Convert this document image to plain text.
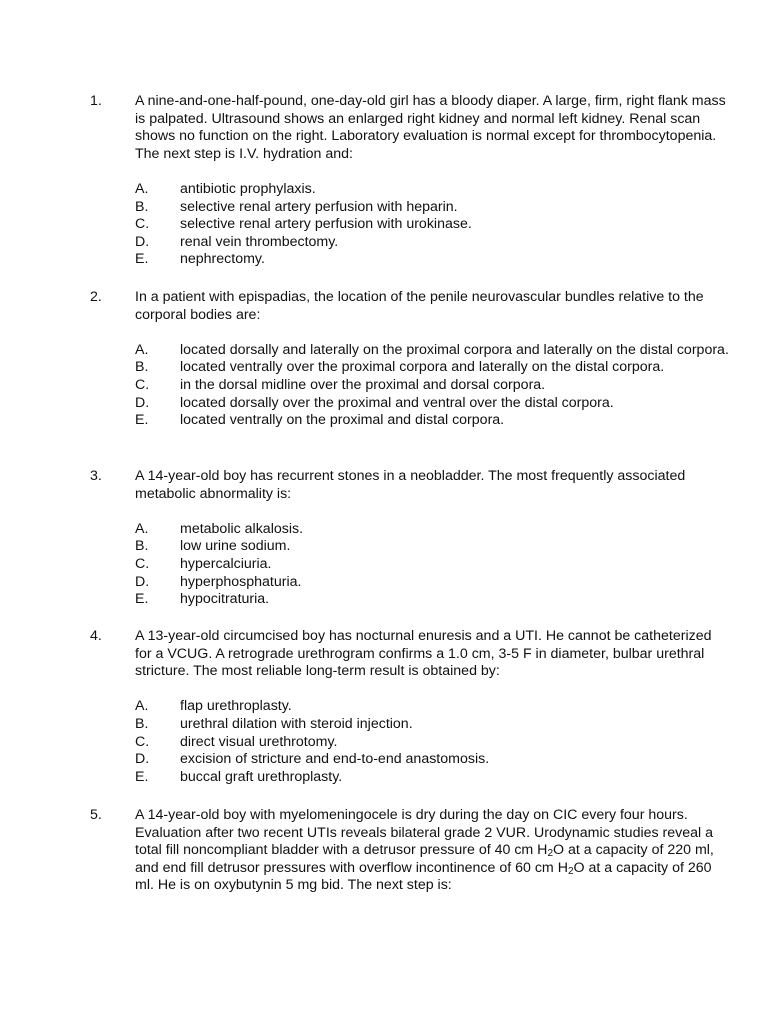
1. A nine-and-one-half-pound, one-day-old girl has a bloody diaper. A large, firm, right flank mass is palpated. Ultrasound shows an enlarged right kidney and normal left kidney. Renal scan shows no function on the right. Laboratory evaluation is normal except for thrombocytopenia. The next step is I.V. hydration and:
A. antibiotic prophylaxis.
B. selective renal artery perfusion with heparin.
C. selective renal artery perfusion with urokinase.
D. renal vein thrombectomy.
E. nephrectomy.
2. In a patient with epispadias, the location of the penile neurovascular bundles relative to the corporal bodies are:
A. located dorsally and laterally on the proximal corpora and laterally on the distal corpora.
B. located ventrally over the proximal corpora and laterally on the distal corpora.
C. in the dorsal midline over the proximal and dorsal corpora.
D. located dorsally over the proximal and ventral over the distal corpora.
E. located ventrally on the proximal and distal corpora.
3. A 14-year-old boy has recurrent stones in a neobladder. The most frequently associated metabolic abnormality is:
A. metabolic alkalosis.
B. low urine sodium.
C. hypercalciuria.
D. hyperphosphaturia.
E. hypocitraturia.
4. A 13-year-old circumcised boy has nocturnal enuresis and a UTI. He cannot be catheterized for a VCUG. A retrograde urethrogram confirms a 1.0 cm, 3-5 F in diameter, bulbar urethral stricture. The most reliable long-term result is obtained by:
A. flap urethroplasty.
B. urethral dilation with steroid injection.
C. direct visual urethrotomy.
D. excision of stricture and end-to-end anastomosis.
E. buccal graft urethroplasty.
5. A 14-year-old boy with myelomeningocele is dry during the day on CIC every four hours. Evaluation after two recent UTIs reveals bilateral grade 2 VUR. Urodynamic studies reveal a total fill noncompliant bladder with a detrusor pressure of 40 cm $H_2O$ at a capacity of 220 ml, and end fill detrusor pressures with overflow incontinence of 60 cm $H_2O$ at a capacity of 260 ml. He is on oxybutynin 5 mg bid. The next step is:
